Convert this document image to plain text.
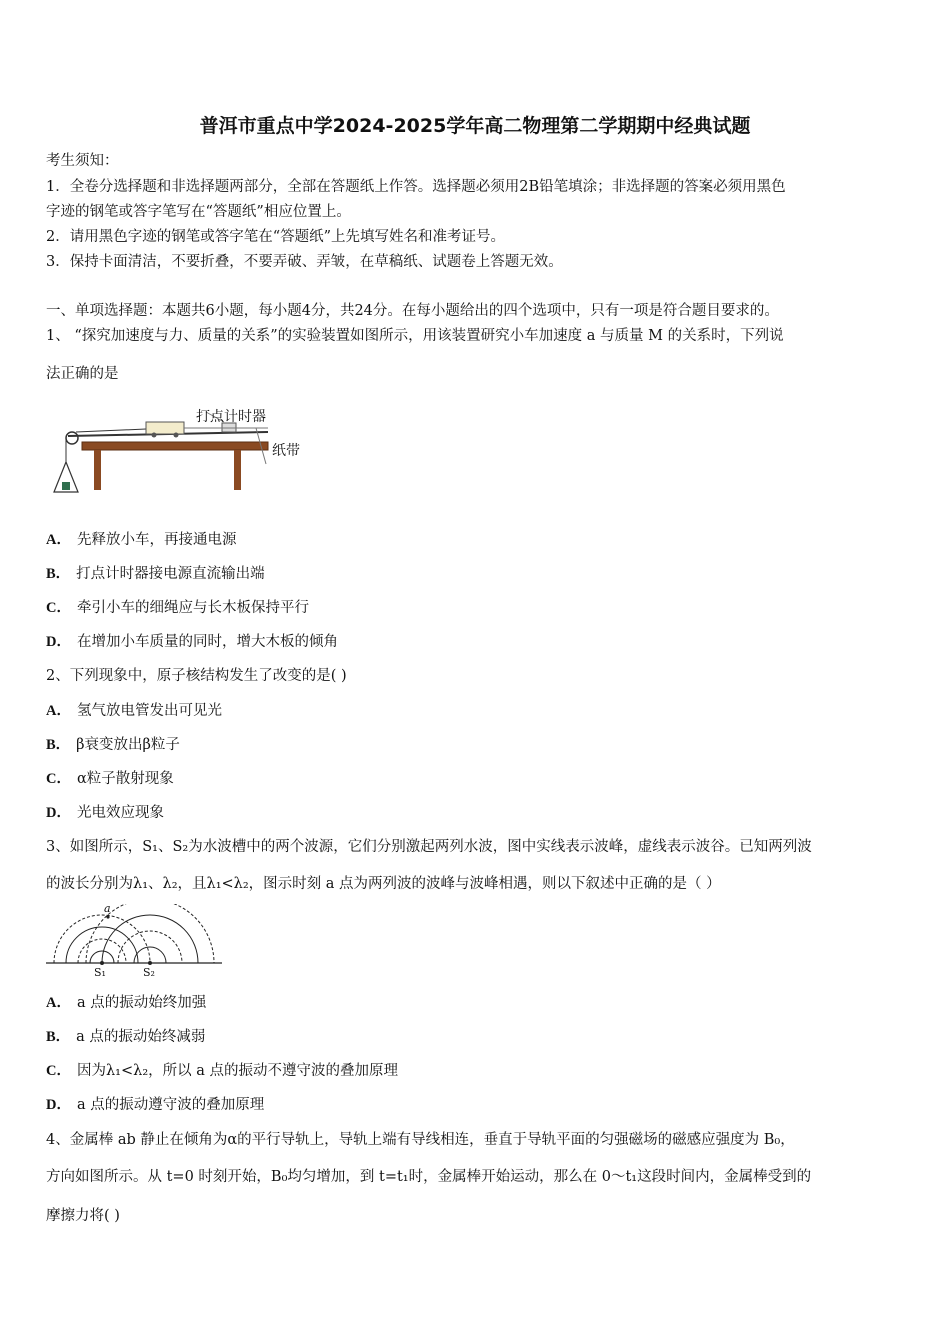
普洱市重点中学2024-2025学年高二物理第二学期期中经典试题
考生须知：
1．全卷分选择题和非选择题两部分，全部在答题纸上作答。选择题必须用2B铅笔填涂；非选择题的答案必须用黑色
字迹的钢笔或答字笔写在“答题纸”相应位置上。
2．请用黑色字迹的钢笔或答字笔在“答题纸”上先填写姓名和准考证号。
3．保持卡面清洁，不要折叠，不要弄破、弄皱，在草稿纸、试题卷上答题无效。
一、单项选择题：本题共6小题，每小题4分，共24分。在每小题给出的四个选项中，只有一项是符合题目要求的。
1、 “探究加速度与力、质量的关系”的实验装置如图所示，用该装置研究小车加速度 a 与质量 M 的关系时，下列说
法正确的是
打点计时器
纸带
A． 先释放小车，再接通电源
B． 打点计时器接电源直流输出端
C． 牵引小车的细绳应与长木板保持平行
D． 在增加小车质量的同时，增大木板的倾角
2、下列现象中，原子核结构发生了改变的是( )
A． 氢气放电管发出可见光
B． β衰变放出β粒子
C． α粒子散射现象
D． 光电效应现象
3、如图所示，S₁、S₂为水波槽中的两个波源，它们分别激起两列水波，图中实线表示波峰，虚线表示波谷。已知两列波
的波长分别为λ₁、λ₂，且λ₁<λ₂，图示时刻 a 点为两列波的波峰与波峰相遇，则以下叙述中正确的是（ ）
a
S₁	S₂
A． a 点的振动始终加强
B． a 点的振动始终减弱
C． 因为λ₁<λ₂，所以 a 点的振动不遵守波的叠加原理
D． a 点的振动遵守波的叠加原理
4、金属棒 ab 静止在倾角为α的平行导轨上，导轨上端有导线相连，垂直于导轨平面的匀强磁场的磁感应强度为 B₀，
方向如图所示。从 t=0 时刻开始，B₀均匀增加，到 t=t₁时，金属棒开始运动，那么在 0～t₁这段时间内，金属棒受到的
摩擦力将( )
